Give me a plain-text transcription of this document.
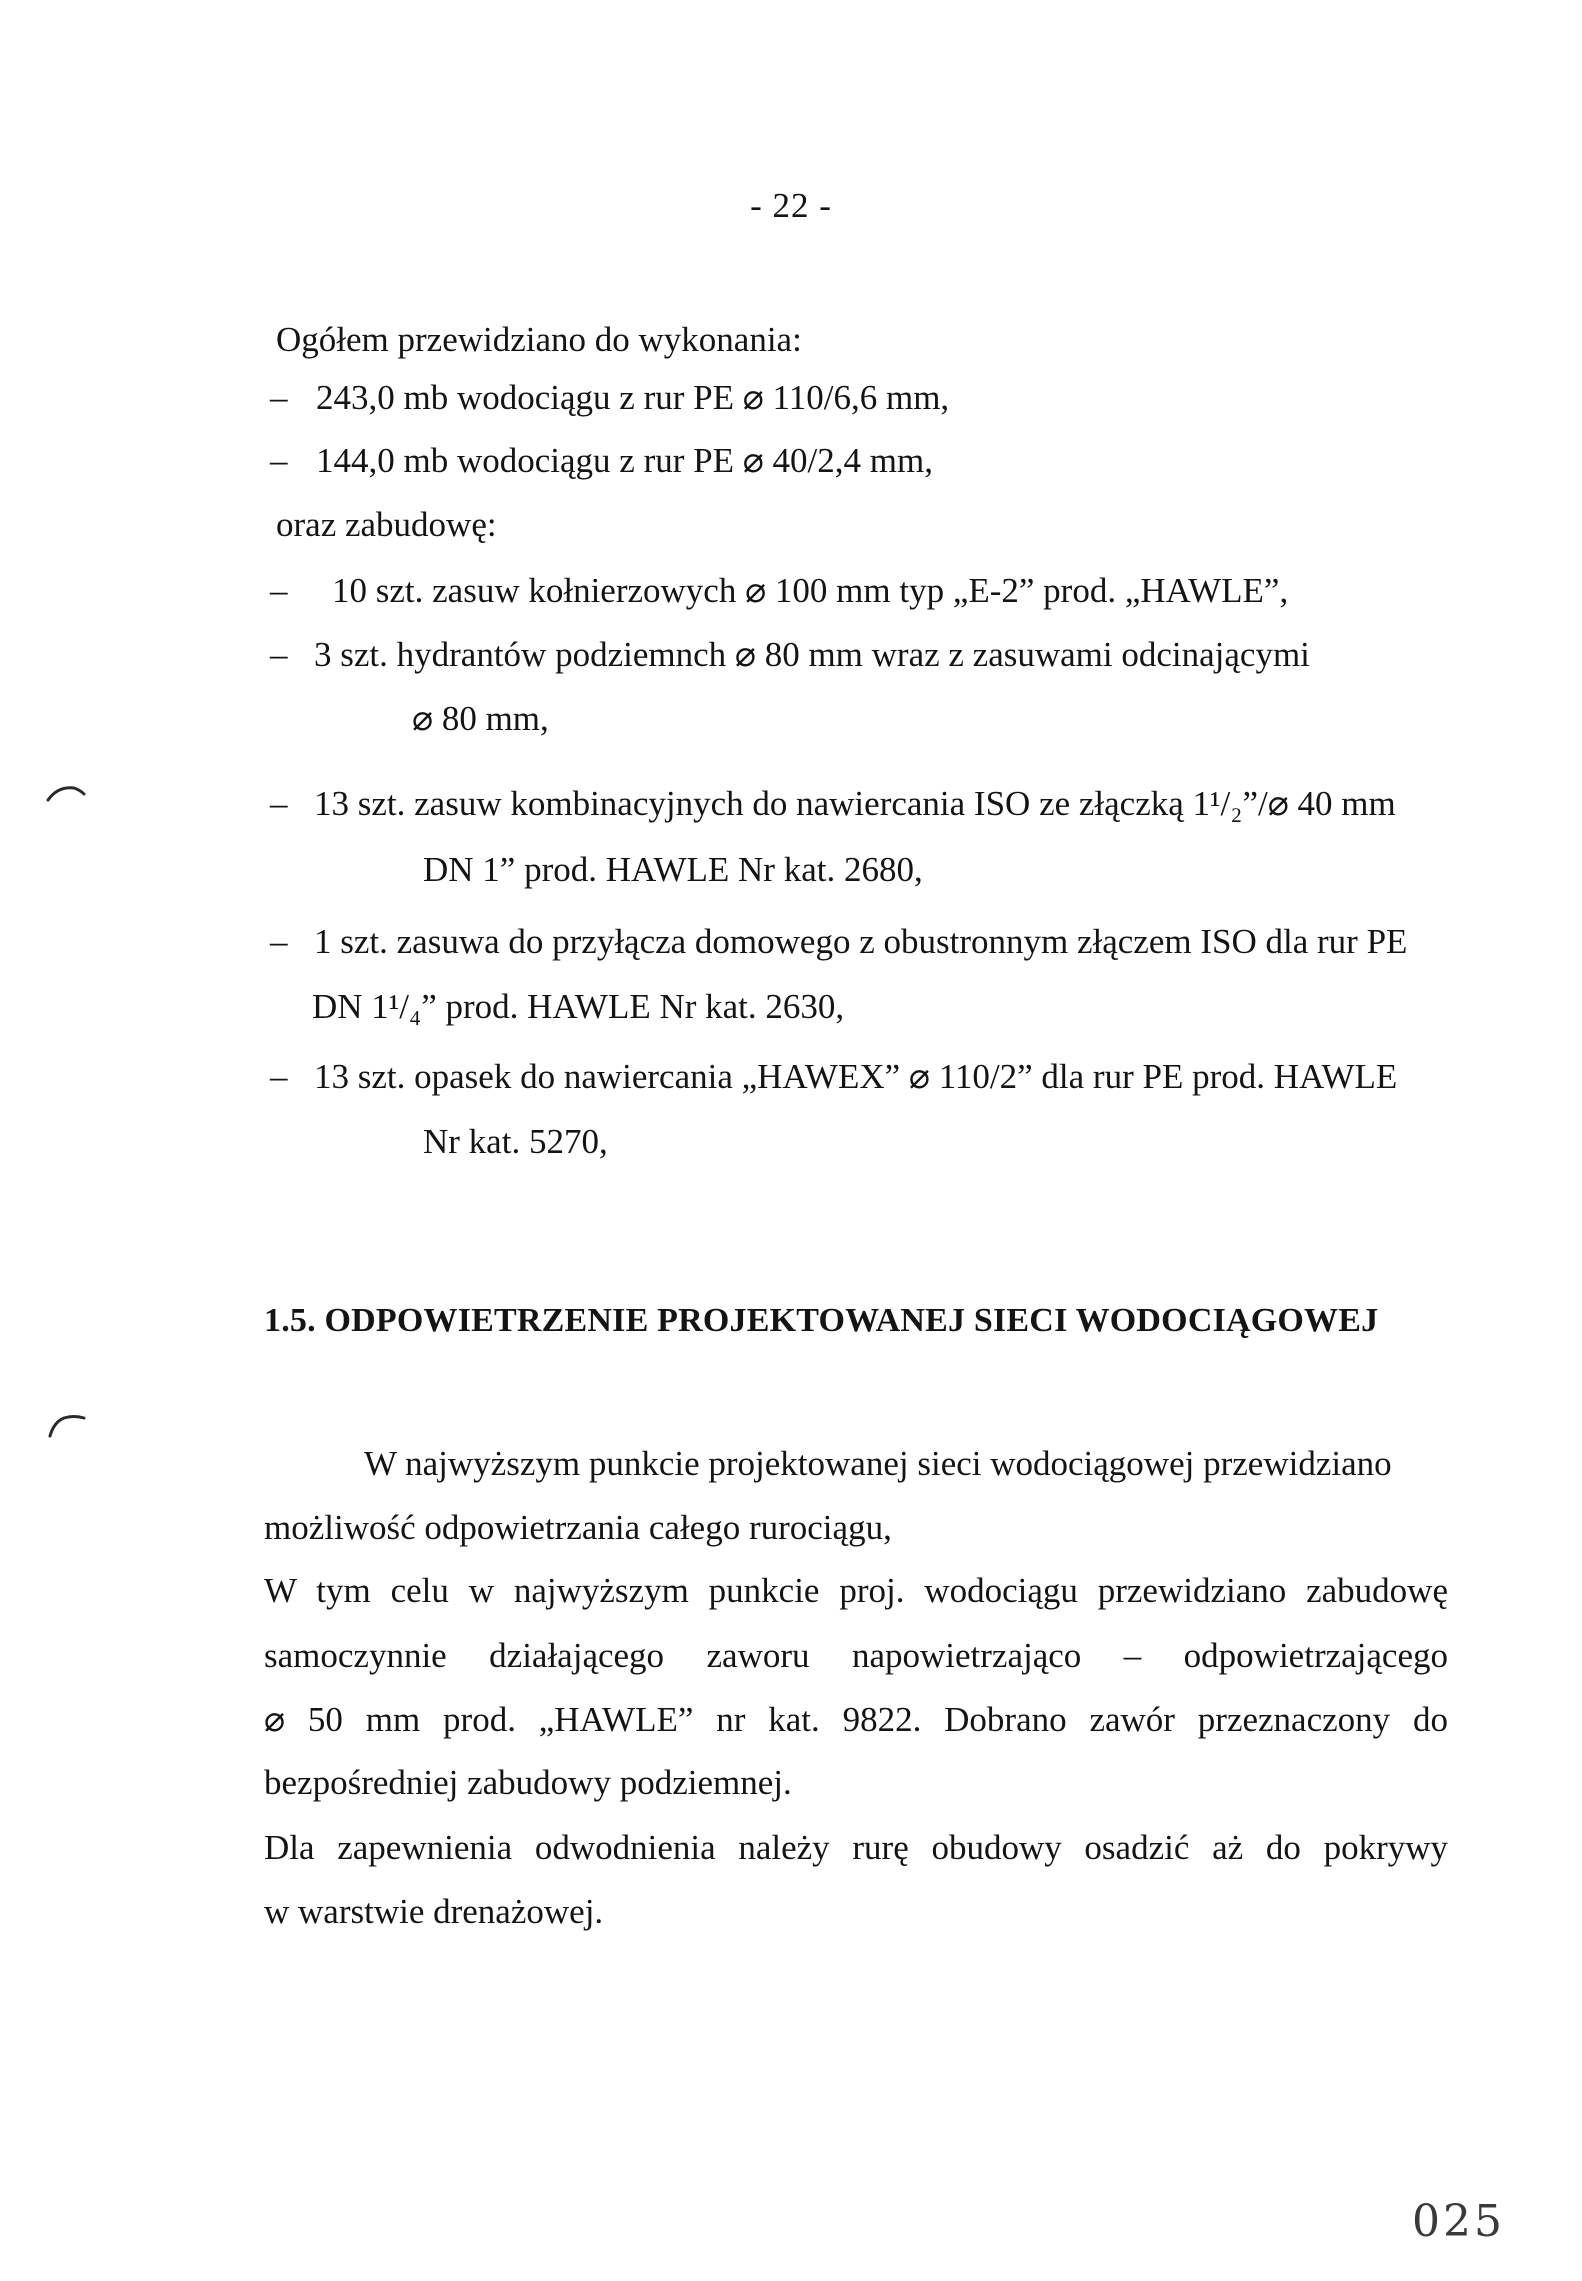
- 22 -
Ogółem przewidziano do wykonania:
– 243,0 mb wodociągu z rur PE ⌀ 110/6,6 mm,
– 144,0 mb wodociągu z rur PE ⌀ 40/2,4 mm,
oraz zabudowę:
– 10 szt. zasuw kołnierzowych ⌀ 100 mm typ „E-2” prod. „HAWLE”,
– 3 szt. hydrantów podziemnch ⌀ 80 mm wraz z zasuwami odcinającymi
⌀ 80 mm,
– 13 szt. zasuw kombinacyjnych do nawiercania ISO ze złączką 1¹/₂”/⌀ 40 mm
DN 1” prod. HAWLE Nr kat. 2680,
– 1 szt. zasuwa do przyłącza domowego z obustronnym złączem ISO dla rur PE
DN 1¹/₄” prod. HAWLE Nr kat. 2630,
– 13 szt. opasek do nawiercania „HAWEX” ⌀ 110/2” dla rur PE prod. HAWLE
Nr kat. 5270,
1.5. ODPOWIETRZENIE PROJEKTOWANEJ SIECI WODOCIĄGOWEJ
W najwyższym punkcie projektowanej sieci wodociągowej przewidziano
możliwość odpowietrzania całego rurociągu,
W tym celu w najwyższym punkcie proj. wodociągu przewidziano zabudowę
samoczynnie działającego zaworu napowietrzająco – odpowietrzającego
⌀ 50 mm prod. „HAWLE” nr kat. 9822. Dobrano zawór przeznaczony do
bezpośredniej zabudowy podziemnej.
Dla zapewnienia odwodnienia należy rurę obudowy osadzić aż do pokrywy
w warstwie drenażowej.
025
